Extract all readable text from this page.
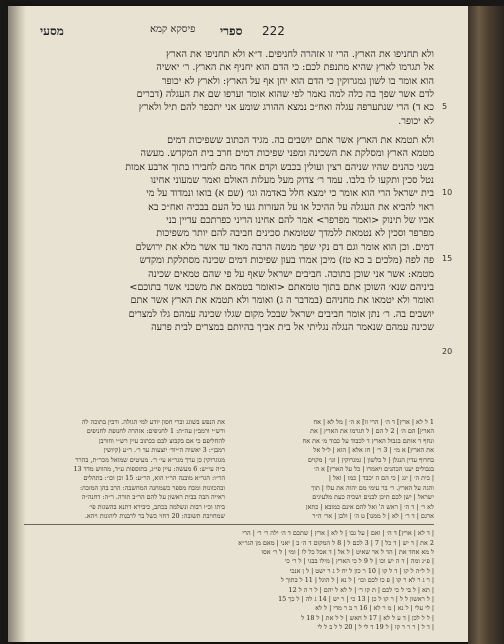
222
ספרי
פיסקא קמא
מסעי
5
10
15
20
ולא תחניפו את הארץ. הרי זו אזהרה לחניפים. ד״א ולא תחניפו את הארץ
אל תגרמו לארץ שהיא מתנפת לכם: כי הדם הוא יחניף את הארץ. ר׳ יאשיה
הוא אומר בו לשון גמגרוקין כי הדם הוא יחן אף על הארץ: ולארץ לא יכופר
לדם אשר שפך בה כלה למה נאמר לפי שהוא אומר וערפו שם את העגלה (דברים
כא ד) הרי שנתערפה עגלה ואח״כ נמצא ההורג שומע אני יתכפר להם תיל ולארץ
לא יכופר.
ולא תטמא את הארץ אשר אתם יושבים בה. מגיד הכתוב ששפיכות דמים
מטמא הארץ ומסלקת את השכינה ומפני שפיכות דמים חרב בית המקדש. מעשה
בשני כהנים שהיו שניהם רצין ועולין בכבש וקדם אחד מהם לחבירו בתוך ארבע אמות
נטל סכין ותקעו לו בלבו. עמד ר׳ צדוק מעל מעלות האולם ואמר שמעוני אחינו
בית ישראל הרי הוא אומר כי ימצא חלל באדמה וגו׳ (שם א) בואו ונמדוד על מי
ראוי להביא את העגלה על ההיכל או על העזרות געו כל העם בבכיה ואח״כ בא
אביו של תינוק <ואמר מפרפר> אמר להם אחינו הריני כפרתכם עדיין בני
מפרפר וסכין לא נטמאת ללמדך שטומאת סכינים חביבה להם יותר משפיכות
דמים. וכן הוא אומר וגם דם נקי שפך מנשה הרבה מאד עד אשר מלא את ירושלם
פה לפה (מלכים ב כא טז) מיכן אמרו בעון שפיכות דמים שכינה מסתלקת ומקדש
מטמא: אשר אני שוכן בתוכה. חביבים ישראל שאף על פי שהם טמאים שכינה
ביניהם שנא׳ השוכן אתם בתוך טומאתם <ואומר בטמאם את משכני אשר בתוכם>
ואומר ולא יטמאו את מחניהם (במדבר ה ג) ואומר ולא תטמא את הארץ אשר אתם
יושבים בה. ר׳ נתן אומר חביבים ישראל שבכל מקום שגלו שכינה עמהם גלו למצרים
שכינה עמהם שנאמר הנגלה נגליתי אל בית אביך בהיותם במצרים לבית פרעה
1 ל לא | ארץ] ד ה׳ | הרי זו] א ה׳ | מל לא | אח
הארץ] הם ה׳ | 2 ל הם | ל תגרמו את הארץ | את
ונחף ד אותם בגבול הארץ ד לכבוד על כבוד מ׳ את אח
את הארץ] א מ״ | 3 ר׳ | חז אלא | הוא | ל״ל אל
בחרוף עדין הנגלן | ל בלשון | גמגרוקין | וגו׳ | מקוים
בגבולים יענו הכהנים ויאמרו | כל על הארץ] א ה׳
| בית ה׳ | יגג | כי הם ה יכבד | כמו | ואל |
והגה על הארץ. ר׳ בר עימי מם יהוה את עלו | תוך
ישראל | ישן לכם תיכן לבנים ושכיה כעת מלעיגים
לא ר׳ | ד ה׳ | ראש ה' ואל להם אינם כמובא | כתאן
ארגם | ד ר׳ | לא | ל ממנו] ט ה׳ | ולבן | אר׳ ה״ר
את הנפש בשוגג וברי חסון יודע למי הגולה. ורבין בתוכה לה
ורש״י ורמב״ן עה״ת: 1 לחניפים: אזהרה לחנופת לחניפים
להחליפם כי אם בקבוצ לבם ככתוב עיין רש״י וחורבן
רמבן״: 3 יאשיה ה״יוד׳ יוצעות עד ר׳. ר״ע (קיושין
מגוגרוקין כן ערך מגר״א עי׳ ר׳. מעיטים שמואל מכר״ת, בהרר
ב״ה עי״ש: 6 מעשה: עיין פי״ג, בתוספות ע״ד, מהווש מדד 13
הר״ו: הגר״א מובנה הר״ו הוא, הר״ע: 15 וכן וכו׳: בתהלים
ובהכוונות ומכח מספר כשמחנה המחשבה: הרב בהן המזכה:
ראייה הבה בבית ראשון על להם הר״ב תורה. ר״ה: דחנה״ה
ביתו וכ״ו רבות ונשלמה בכתב, כיבירא דתנא בהשגות פי׳
שמחויבת תשובה: 20 דחזי כשל בר לרבנות ליהונות ויהא.
| ד לא | ארץ] ד ה׳ | ואם | על גבו | ל לא | ארץ | שתכם ד ה׳ ילה ר׳ ר׳ | הרי
2 את | ד יש | ד כל | 7 | 3 לכם ל | 8 ל המקום ד ה׳ ב | יאני | מאם מן הגר״א
ל מא אחד את | הד ל אר שאיט | ל אל | ד אכל כל לו | ומי | ל ר׳ אסו
| פ״ג ומה | ד ה יש וכו | ל 9 ל כי הארץ | מילו בבגי | ל ר׳ כי
| ל ל״ה ל קו | ד ל קו | 10 ר כון ל יח ל ג ר ישט | ל ן אנכי
| ר ג ר לא ר קו | פ כו לכם וכו׳ | ל נא | ל הוגל | 11 ל בתוך ל
| תא | ל בי ל כי לכם | ת קו ר׳ | ל לא ל יהם | ל ר ה ל 12
| ל ראשון ל ל | ר קו ל כן | 13 כי | ר יש | 14 ג לה | ל כך 15
| לי עלי | ל נא | מ ר לא | 16 ר ב ר מדי | ל לא
| ל ל לכן | ד ע ל לא | 17 ל חאש | ל ל את | ל 18 ל
| ד ל | ר ר ר קו | ל 19 ד לי ל | 20 ל ל ב ל לי
